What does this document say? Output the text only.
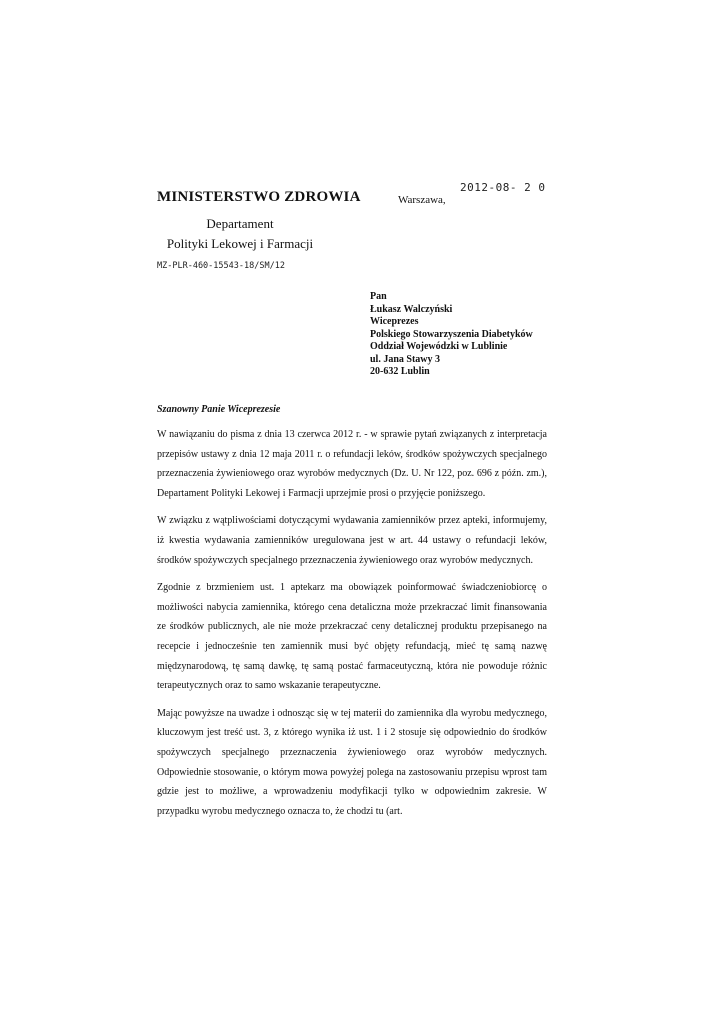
2012-08- 2 0
MINISTERSTWO ZDROWIA	Warszawa,
Departament
Polityki Lekowej i Farmacji
MZ-PLR-460-15543-18/SM/12
Pan
Łukasz Walczyński
Wiceprezes
Polskiego Stowarzyszenia Diabetyków
Oddział Wojewódzki w Lublinie
ul. Jana Stawy 3
20-632 Lublin
Szanowny Panie Wiceprezesie

W nawiązaniu do pisma z dnia 13 czerwca 2012 r. - w sprawie pytań związanych z interpretacja przepisów ustawy z dnia 12 maja 2011 r. o refundacji leków, środków spożywczych specjalnego przeznaczenia żywieniowego oraz wyrobów medycznych (Dz. U. Nr 122, poz. 696 z późn. zm.), Departament Polityki Lekowej i Farmacji uprzejmie prosi o przyjęcie poniższego.

W związku z wątpliwościami dotyczącymi wydawania zamienników przez apteki, informujemy, iż kwestia wydawania zamienników uregulowana jest w art. 44 ustawy o refundacji leków, środków spożywczych specjalnego przeznaczenia żywieniowego oraz wyrobów medycznych.

Zgodnie z brzmieniem ust. 1 aptekarz ma obowiązek poinformować świadczeniobiorcę o możliwości nabycia zamiennika, którego cena detaliczna może przekraczać limit finansowania ze środków publicznych, ale nie może przekraczać ceny detalicznej produktu przepisanego na recepcie i jednocześnie ten zamiennik musi być objęty refundacją, mieć tę samą nazwę międzynarodową, tę samą dawkę, tę samą postać farmaceutyczną, która nie powoduje różnic terapeutycznych oraz to samo wskazanie terapeutyczne.

Mając powyższe na uwadze i odnosząc się w tej materii do zamiennika dla wyrobu medycznego, kluczowym jest treść ust. 3, z którego wynika iż ust. 1 i 2 stosuje się odpowiednio do środków spożywczych specjalnego przeznaczenia żywieniowego oraz wyrobów medycznych. Odpowiednie stosowanie, o którym mowa powyżej polega na zastosowaniu przepisu wprost tam gdzie jest to możliwe, a wprowadzeniu modyfikacji tylko w odpowiednim zakresie. W przypadku wyrobu medycznego oznacza to, że chodzi tu (art.
